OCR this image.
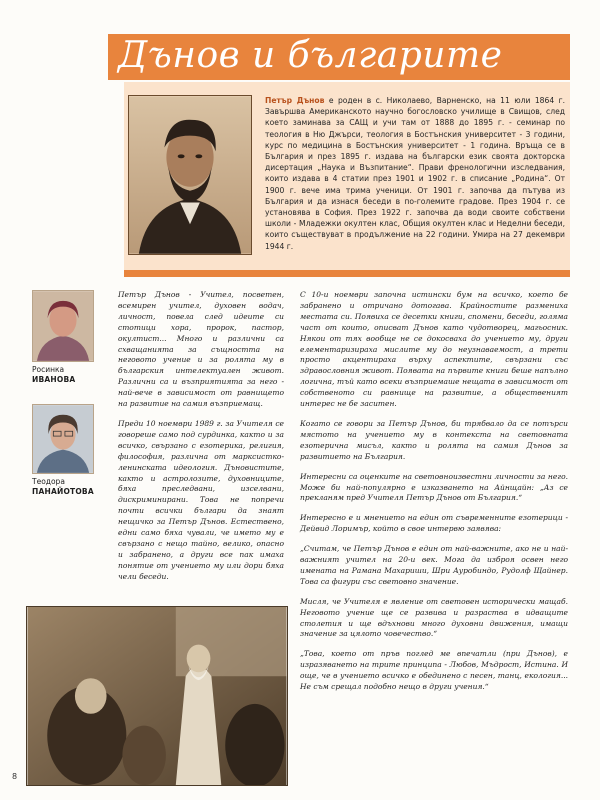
Дънов и българите
Петър Дънов е роден в с. Николаево, Варненско, на 11 юли 1864 г. Завършва Американското научно богословско училище в Свищов, след което заминава за САЩ и учи там от 1888 до 1895 г. - семинар по теология в Ню Джърси, теология в Бостънския университет - 3 години, курс по медицина в Бостънския университет - 1 година. Връща се в България и през 1895 г. издава на български език своята докторска дисертация „Наука и Възпитание“. Прави френологични изследвания, които издава в 4 статии през 1901 и 1902 г. в списание „Родина“. От 1900 г. вече има трима ученици. От 1901 г. започва да пътува из България и да изнася беседи в по-големите градове. През 1904 г. се установява в София. През 1922 г. започва да води своите собствени школи - Младежки окултен клас, Общия окултен клас и Неделни беседи, които съществуват в продължение на 22 години. Умира на 27 декември 1944 г.
Росинка
ИВАНОВА
Теодора
ПАНАЙОТОВА

Петър Дънов - Учител, посветен, всемирен учител, духовен водач, личност, повела след идеите си стотици хора, пророк, пастор, окултист... Много и различни са схващанията за същността на неговото учение и за ролята му в българския интелектуален живот. Различни са и възприятията за него - най-вече в зависимост от равнището на развитие на самия възприемащ.

Преди 10 ноември 1989 г. за Учителя се говореше само под сурдинка, както и за всичко, свързано с езотерика, религия, философия, различна от марксистко-ленинската идеология. Дъновистите, както и астролозите, духовниците, бяха преследвани, изселвани, дискриминирани. Това не попречи почти всички българи да знаят нещичко за Петър Дънов. Естествено, едни само бяха чували, че името му е свързано с нещо тайно, велико, опасно и забранено, а други все пак имаха понятие от учението му или дори бяха чели беседи.

С 10-и ноември започна истински бум на всичко, което бе забранено и отричано дотогава. Крайностите размениха местата си. Появиха се десетки книги, спомени, беседи, голяма част от които, описват Дънов като чудотворец, магьосник. Някои от тях вообще не се докосваха до учението му, други елементаризираха мислите му до неузнаваемост, а трети просто акцентираха върху аспектите, свързани със здравословния живот. Появата на първите книги беше напълно логична, тъй като всеки възприемаше нещата в зависимост от собственото си равнище на развитие, а общественият интерес не бе заситен.

Когато се говори за Петър Дънов, би трябвало да се потърси мястото на учението му в контекста на световната езотерична мисъл, както и ролята на самия Дънов за развитието на България.

Интересни са оценките на световноизвестни личности за него. Може би най-популярно е изказването на Айнщайн: „Аз се прекланям пред Учителя Петър Дънов от България.“

Интересно е и мнението на един от съвременните езотерици - Дейвид Лоримър, който в свое интервю заявява:

„Считам, че Петър Дънов е един от най-важните, ако не и най-важният учител на 20-и век. Мога да изброя освен него имената на Рамана Махариши, Шри Ауробиндо, Рудолф Щайнер. Това са фигури със световно значение.

Мисля, че Учителя е явление от световен исторически мащаб. Неговото учение ще се развива и разраства в идващите столетия и ще вдъхнови много духовни движения, имащи значение за цялото човечество.“

„Това, което от пръв поглед ме впечатли (при Дънов), е изразяването на трите принципа - Любов, Мъдрост, Истина. И още, че в учението всичко е обединено с песен, танц, екология... Не съм срещал подобно нещо в други учения.“

8
